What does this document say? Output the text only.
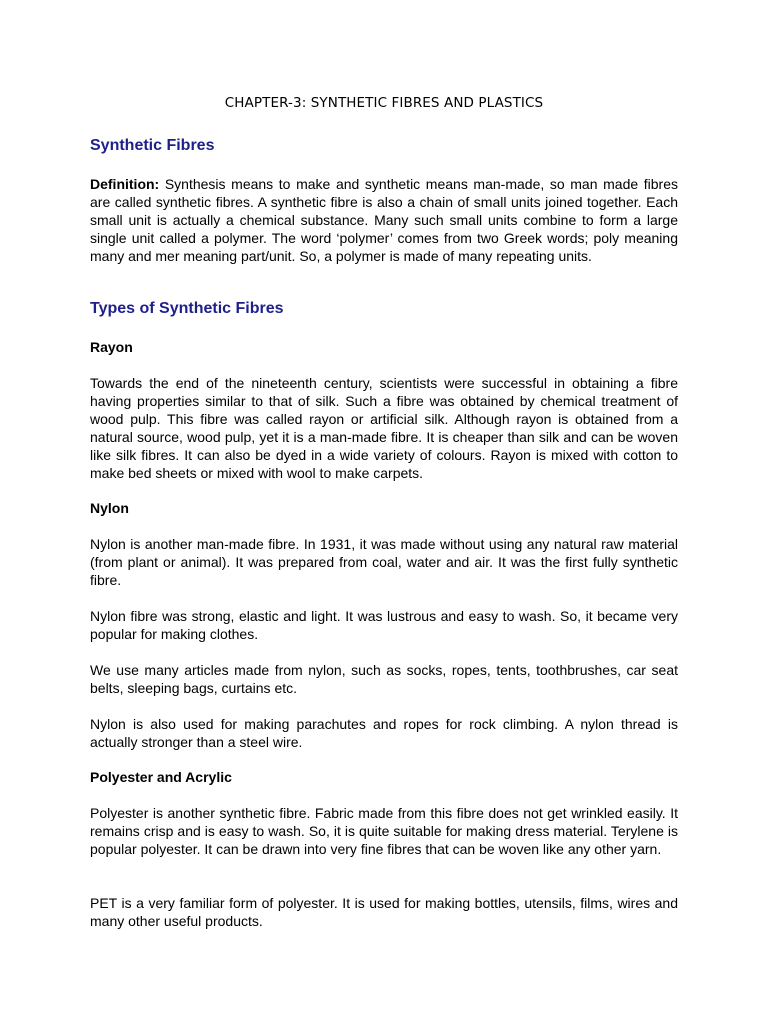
CHAPTER-3: SYNTHETIC FIBRES AND PLASTICS
Synthetic Fibres
Definition: Synthesis means to make and synthetic means man-made, so man made fibres are called synthetic fibres. A synthetic fibre is also a chain of small units joined together. Each small unit is actually a chemical substance. Many such small units combine to form a large single unit called a polymer. The word ‘polymer’ comes from two Greek words; poly meaning many and mer meaning part/unit. So, a polymer is made of many repeating units.
Types of Synthetic Fibres
Rayon
Towards the end of the nineteenth century, scientists were successful in obtaining a fibre having properties similar to that of silk. Such a fibre was obtained by chemical treatment of wood pulp. This fibre was called rayon or artificial silk. Although rayon is obtained from a natural source, wood pulp, yet it is a man-made fibre. It is cheaper than silk and can be woven like silk fibres. It can also be dyed in a wide variety of colours. Rayon is mixed with cotton to make bed sheets or mixed with wool to make carpets.
Nylon
Nylon is another man-made fibre. In 1931, it was made without using any natural raw material (from plant or animal). It was prepared from coal, water and air. It was the first fully synthetic fibre.
Nylon fibre was strong, elastic and light. It was lustrous and easy to wash. So, it became very popular for making clothes.
We use many articles made from nylon, such as socks, ropes, tents, toothbrushes, car seat belts, sleeping bags, curtains etc.
Nylon is also used for making parachutes and ropes for rock climbing. A nylon thread is actually stronger than a steel wire.
Polyester and Acrylic
Polyester is another synthetic fibre. Fabric made from this fibre does not get wrinkled easily. It remains crisp and is easy to wash. So, it is quite suitable for making dress material. Terylene is popular polyester. It can be drawn into very fine fibres that can be woven like any other yarn.
PET is a very familiar form of polyester. It is used for making bottles, utensils, films, wires and many other useful products.
